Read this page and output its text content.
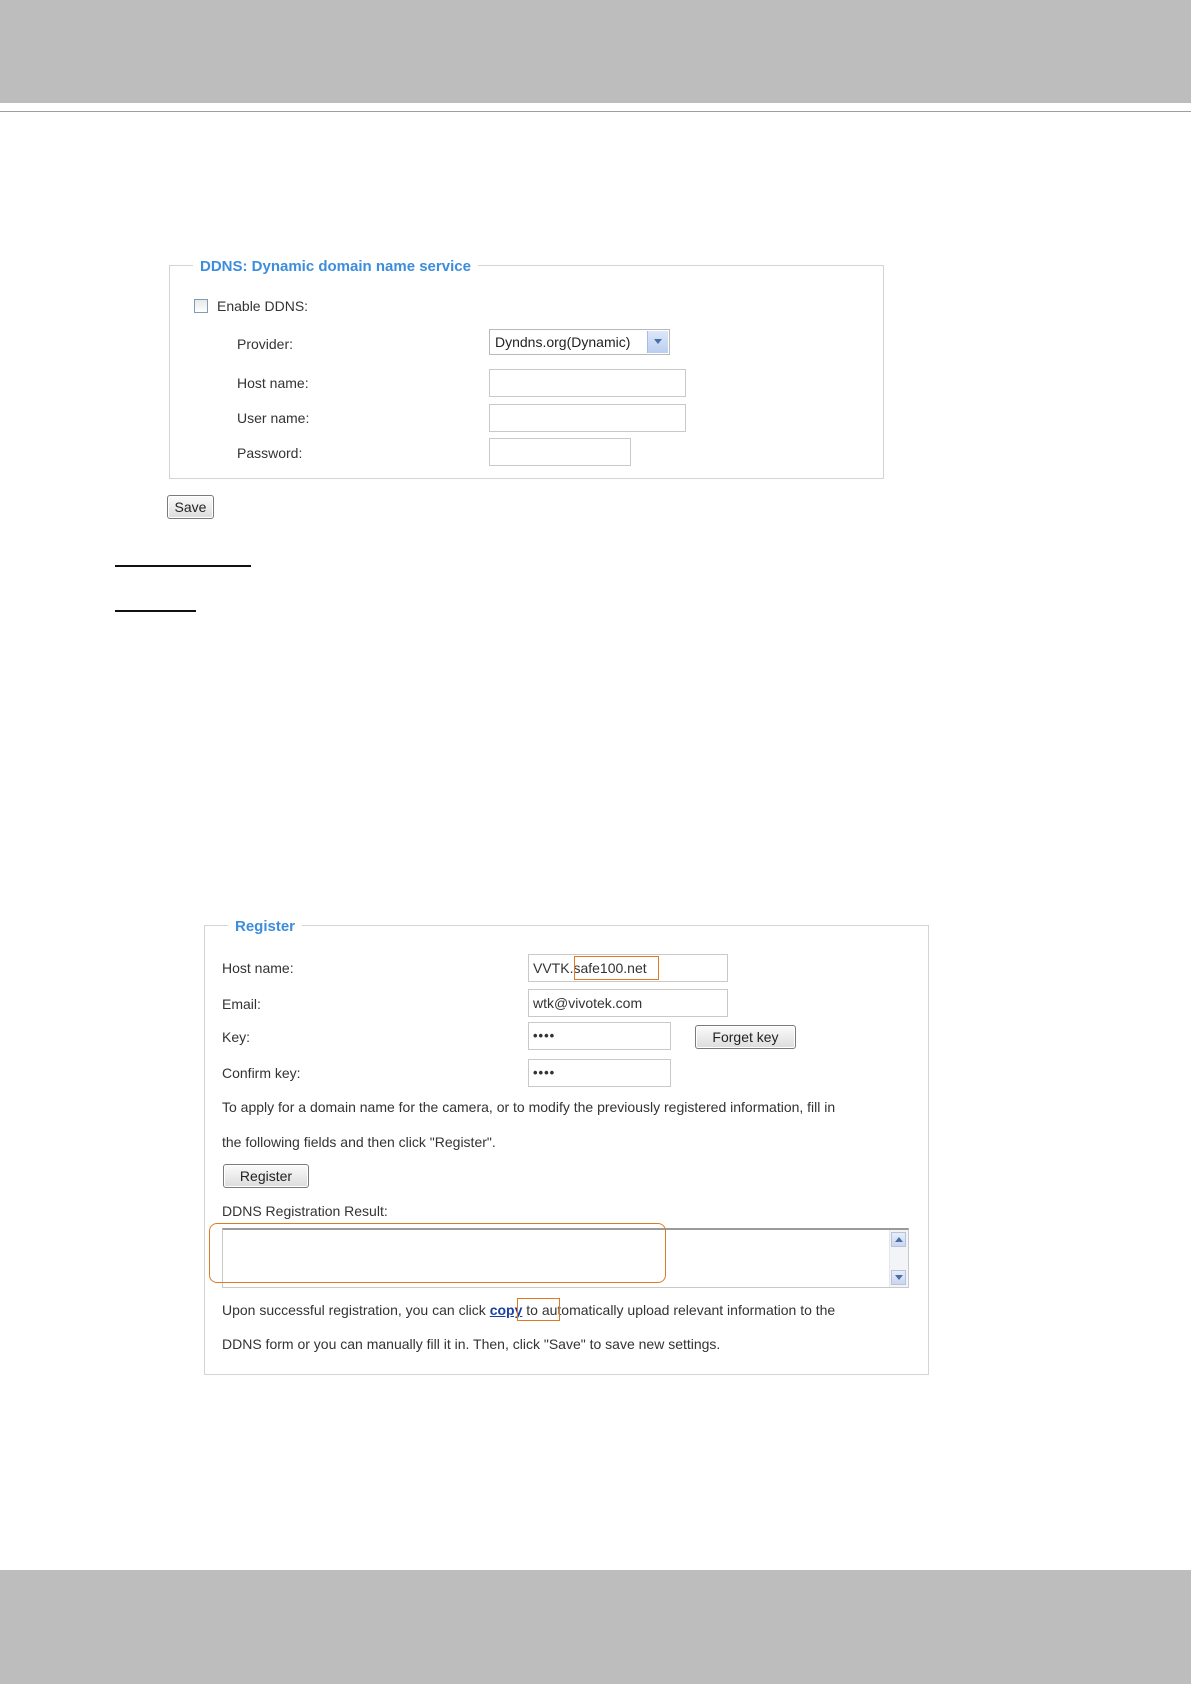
DDNS: Dynamic domain name service
Enable DDNS:
Provider:	Dyndns.org(Dynamic)
Host name:
User name:
Password:
Save
Register
Host name:	VVTK.safe100.net
Email:	wtk@vivotek.com
Key:	••••	Forget key
Confirm key:	••••
To apply for a domain name for the camera, or to modify the previously registered information, fill in
the following fields and then click "Register".
Register
DDNS Registration Result:
Upon successful registration, you can click copy to automatically upload relevant information to the
DDNS form or you can manually fill it in. Then, click "Save" to save new settings.
